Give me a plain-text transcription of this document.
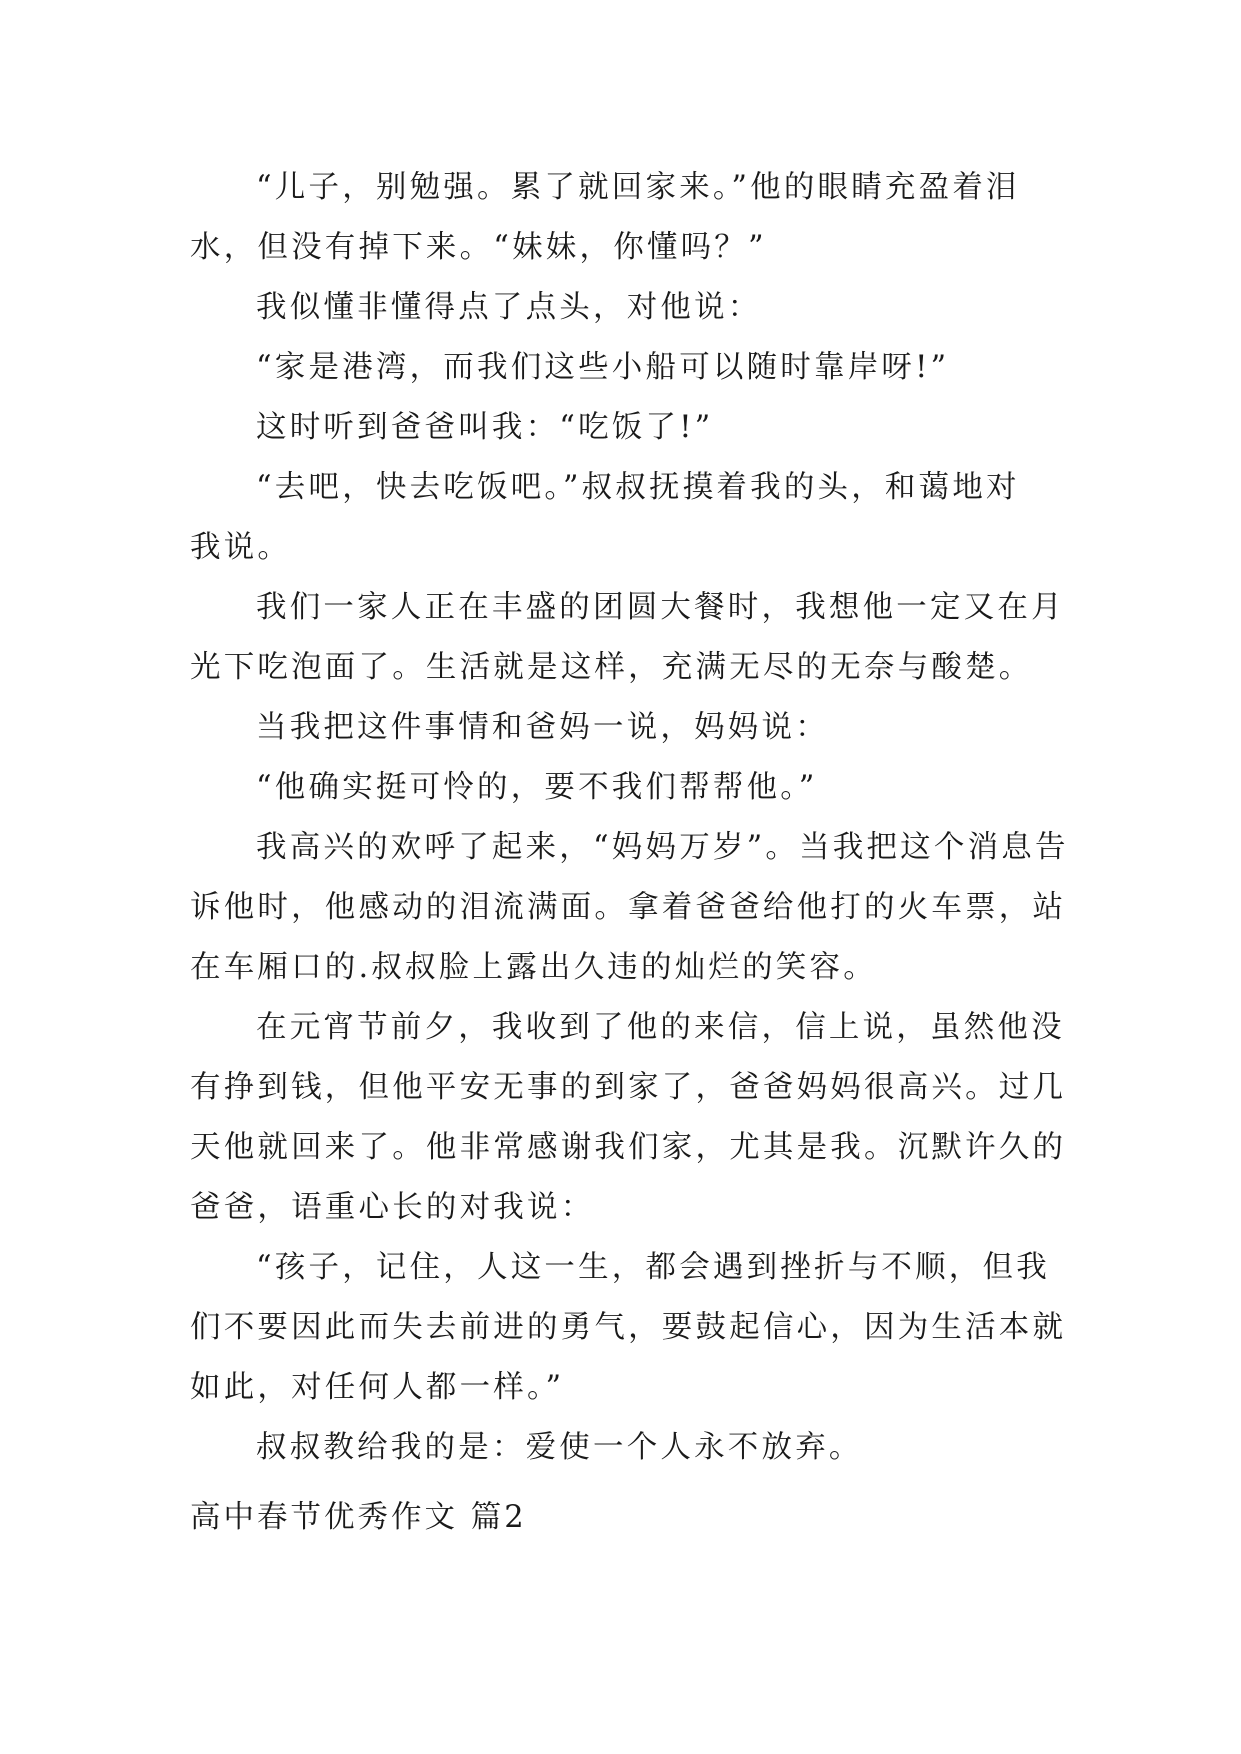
“儿子，别勉强。累了就回家来。”他的眼睛充盈着泪
水，但没有掉下来。“妹妹，你懂吗？”
我似懂非懂得点了点头，对他说：
“家是港湾，而我们这些小船可以随时靠岸呀!”
这时听到爸爸叫我：“吃饭了!”
“去吧，快去吃饭吧。”叔叔抚摸着我的头，和蔼地对
我说。
我们一家人正在丰盛的团圆大餐时，我想他一定又在月
光下吃泡面了。生活就是这样，充满无尽的无奈与酸楚。
当我把这件事情和爸妈一说，妈妈说：
“他确实挺可怜的，要不我们帮帮他。”
我高兴的欢呼了起来，“妈妈万岁”。当我把这个消息告
诉他时，他感动的泪流满面。拿着爸爸给他打的火车票，站
在车厢口的.叔叔脸上露出久违的灿烂的笑容。
在元宵节前夕，我收到了他的来信，信上说，虽然他没
有挣到钱，但他平安无事的到家了，爸爸妈妈很高兴。过几
天他就回来了。他非常感谢我们家，尤其是我。沉默许久的
爸爸，语重心长的对我说：
“孩子，记住，人这一生，都会遇到挫折与不顺，但我
们不要因此而失去前进的勇气，要鼓起信心，因为生活本就
如此，对任何人都一样。”
叔叔教给我的是：爱使一个人永不放弃。
高中春节优秀作文 篇2
